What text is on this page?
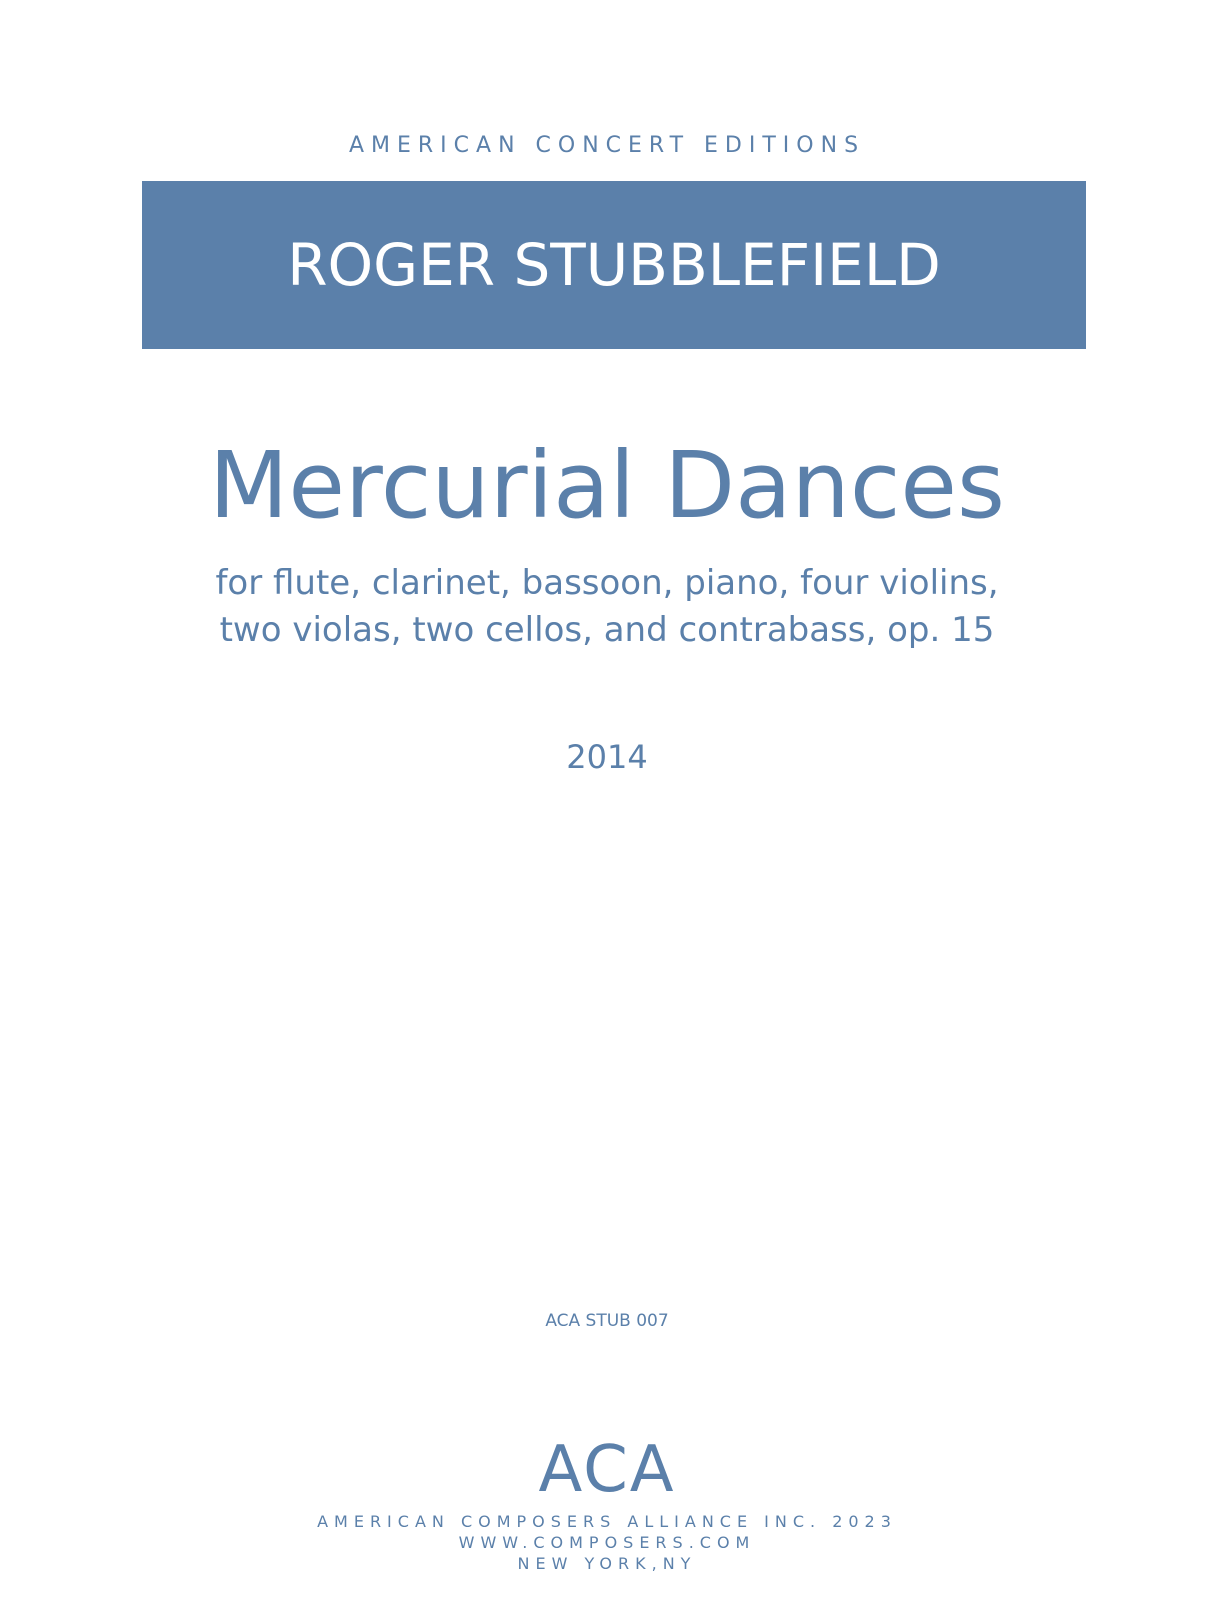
AMERICAN CONCERT EDITIONS
ROGER STUBBLEFIELD
Mercurial Dances
for flute, clarinet, bassoon, piano, four violins,
two violas, two cellos, and contrabass, op. 15
2014
ACA STUB 007
ACA
AMERICAN COMPOSERS ALLIANCE INC. 2023
WWW.COMPOSERS.COM
NEW YORK,NY
